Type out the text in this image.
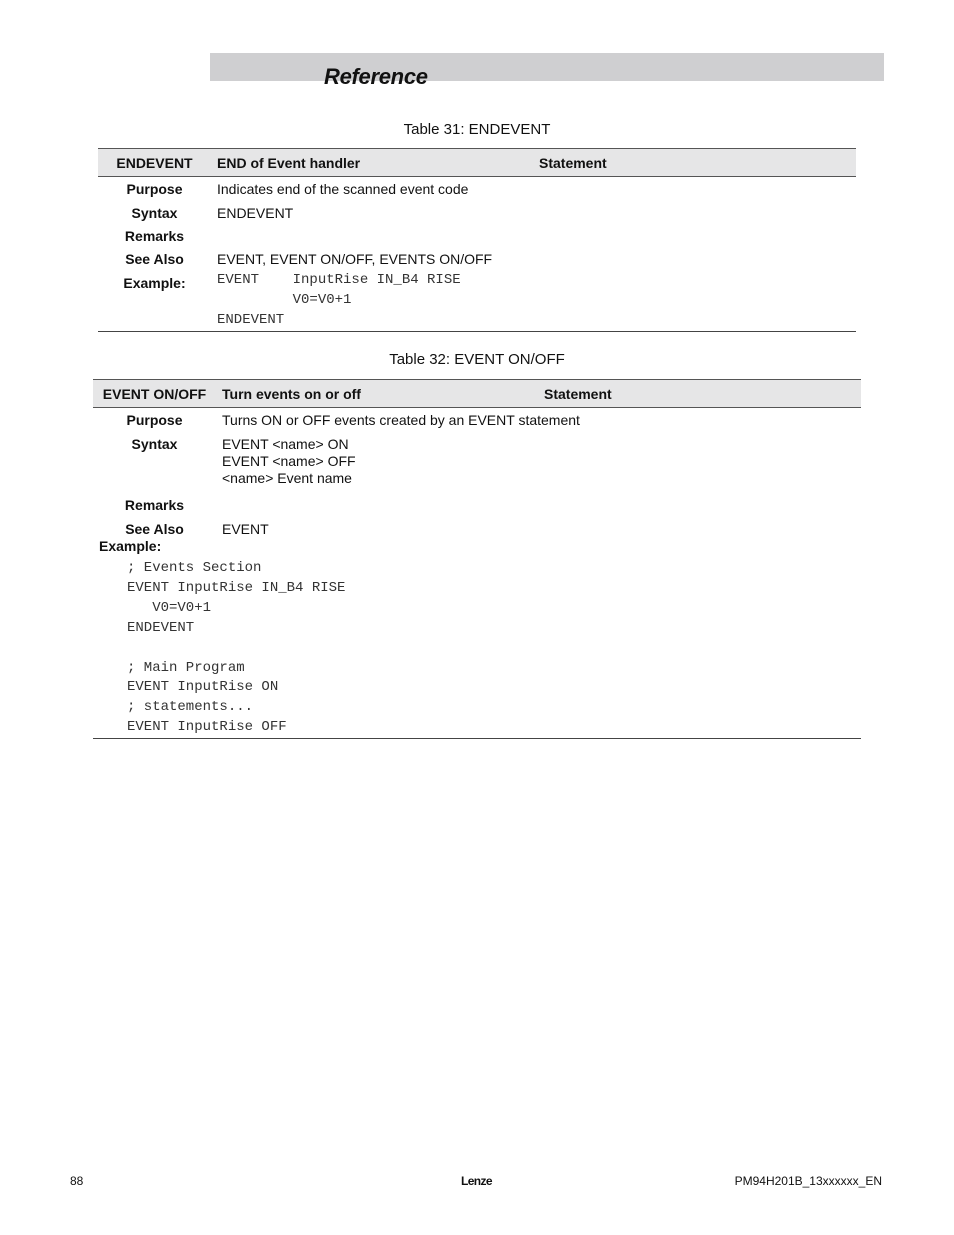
Reference
Table 31: ENDEVENT
ENDEVENT	END of Event handler	Statement
Purpose	Indicates end of the scanned event code	
Syntax	ENDEVENT	
Remarks		
See Also	EVENT, EVENT ON/OFF, EVENTS ON/OFF	
Example:	EVENT    InputRise IN_B4 RISE
V0=V0+1
ENDEVENT	
Table 32: EVENT ON/OFF
EVENT ON/OFF	Turn events on or off	Statement
Purpose	Turns ON or OFF events created by an EVENT statement	
Syntax	EVENT <name> ON
EVENT <name> OFF
<name> Event name	

Remarks		
See Also	EVENT	
Example:
; Events Section
EVENT InputRise IN_B4 RISE
V0=V0+1
ENDEVENT
; Main Program
EVENT InputRise ON
; statements...
EVENT InputRise OFF
88	Lenze	PM94H201B_13xxxxxx_EN
